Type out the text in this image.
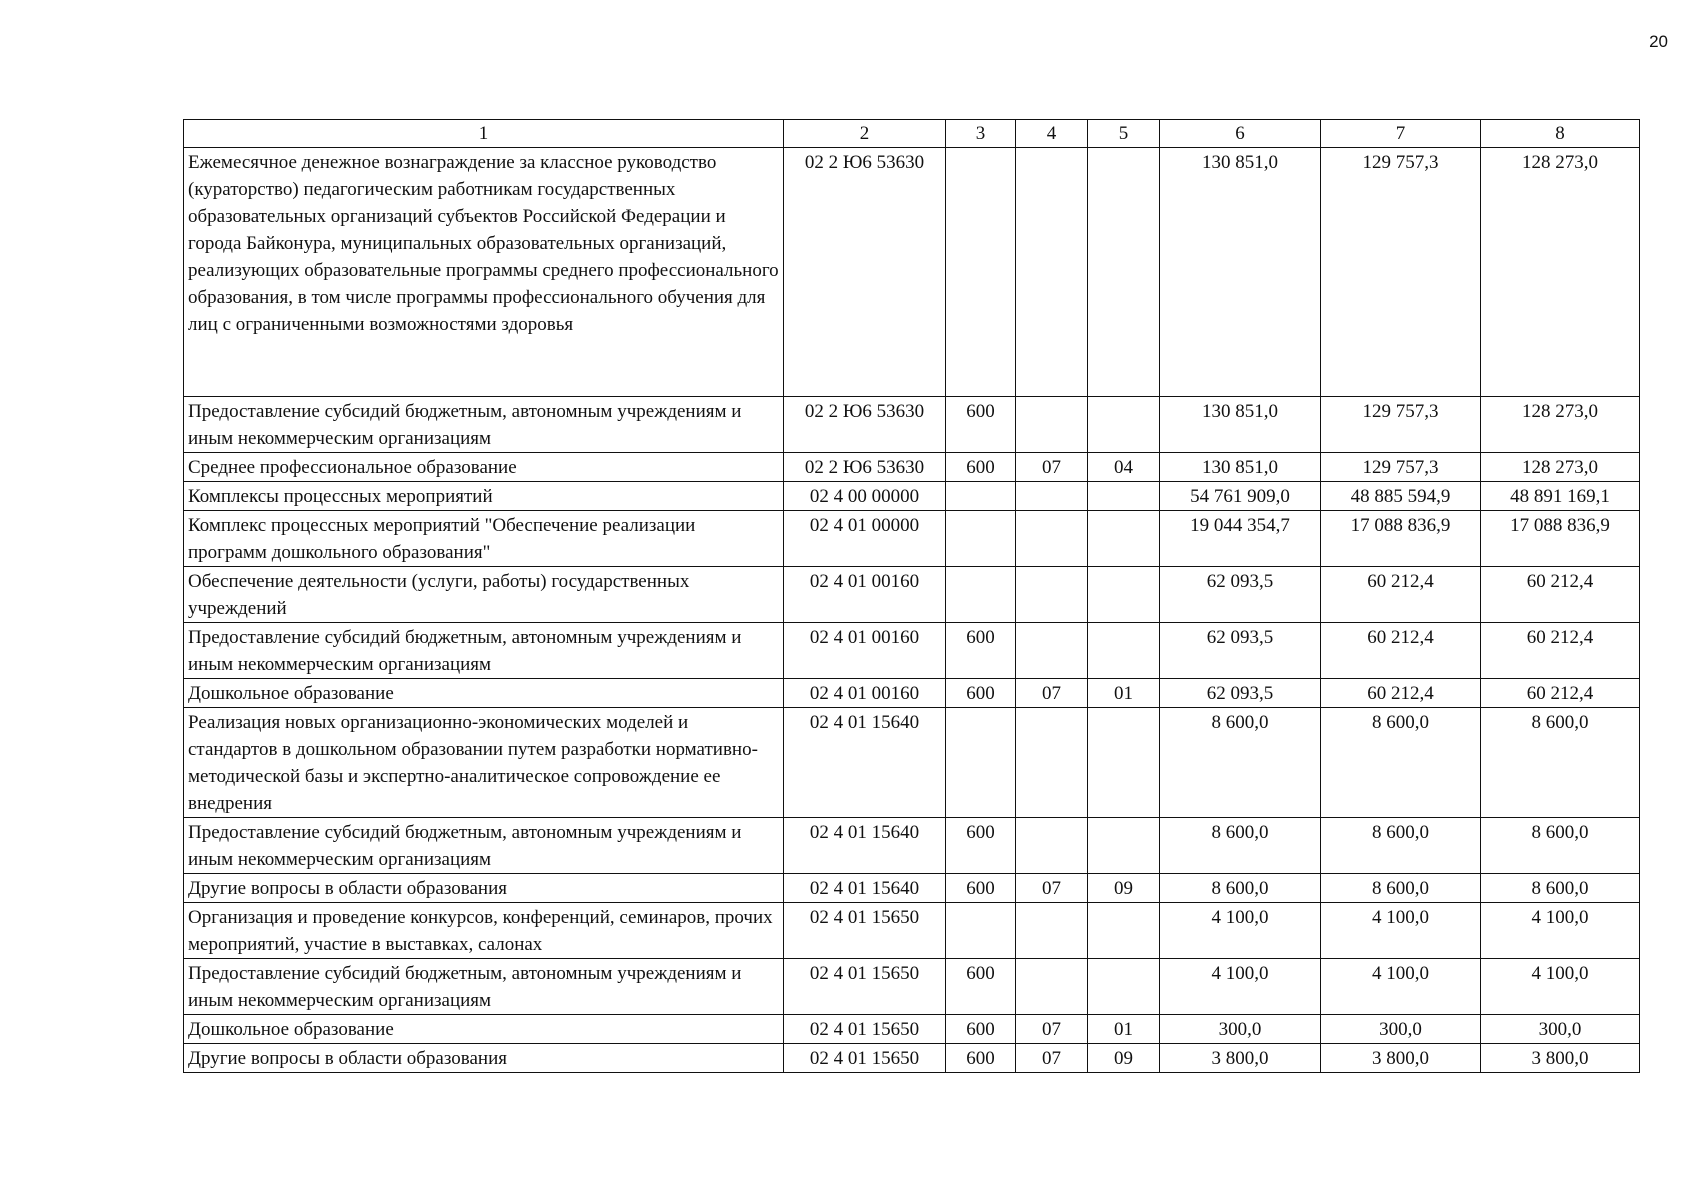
20
1	2	3	4	5	6	7	8
Ежемесячное денежное вознаграждение за классное руководство (кураторство) педагогическим работникам государственных образовательных организаций субъектов Российской Федерации и города Байконура, муниципальных образовательных организаций, реализующих образовательные программы среднего профессионального образования, в том числе программы профессионального обучения для лиц с ограниченными возможностями здоровья	02 2 Ю6 53630				130 851,0	129 757,3	128 273,0
Предоставление субсидий бюджетным, автономным учреждениям и иным некоммерческим организациям	02 2 Ю6 53630	600			130 851,0	129 757,3	128 273,0
Среднее профессиональное образование	02 2 Ю6 53630	600	07	04	130 851,0	129 757,3	128 273,0
Комплексы процессных мероприятий	02 4 00 00000				54 761 909,0	48 885 594,9	48 891 169,1
Комплекс процессных мероприятий "Обеспечение реализации программ дошкольного образования"	02 4 01 00000				19 044 354,7	17 088 836,9	17 088 836,9
Обеспечение деятельности (услуги, работы) государственных учреждений	02 4 01 00160				62 093,5	60 212,4	60 212,4
Предоставление субсидий бюджетным, автономным учреждениям и иным некоммерческим организациям	02 4 01 00160	600			62 093,5	60 212,4	60 212,4
Дошкольное образование	02 4 01 00160	600	07	01	62 093,5	60 212,4	60 212,4
Реализация новых организационно-экономических моделей и стандартов в дошкольном образовании путем разработки нормативно-методической базы и экспертно-аналитическое сопровождение ее внедрения	02 4 01 15640				8 600,0	8 600,0	8 600,0
Предоставление субсидий бюджетным, автономным учреждениям и иным некоммерческим организациям	02 4 01 15640	600			8 600,0	8 600,0	8 600,0
Другие вопросы в области образования	02 4 01 15640	600	07	09	8 600,0	8 600,0	8 600,0
Организация и проведение конкурсов, конференций, семинаров, прочих мероприятий, участие в выставках, салонах	02 4 01 15650				4 100,0	4 100,0	4 100,0
Предоставление субсидий бюджетным, автономным учреждениям и иным некоммерческим организациям	02 4 01 15650	600			4 100,0	4 100,0	4 100,0
Дошкольное образование	02 4 01 15650	600	07	01	300,0	300,0	300,0
Другие вопросы в области образования	02 4 01 15650	600	07	09	3 800,0	3 800,0	3 800,0
